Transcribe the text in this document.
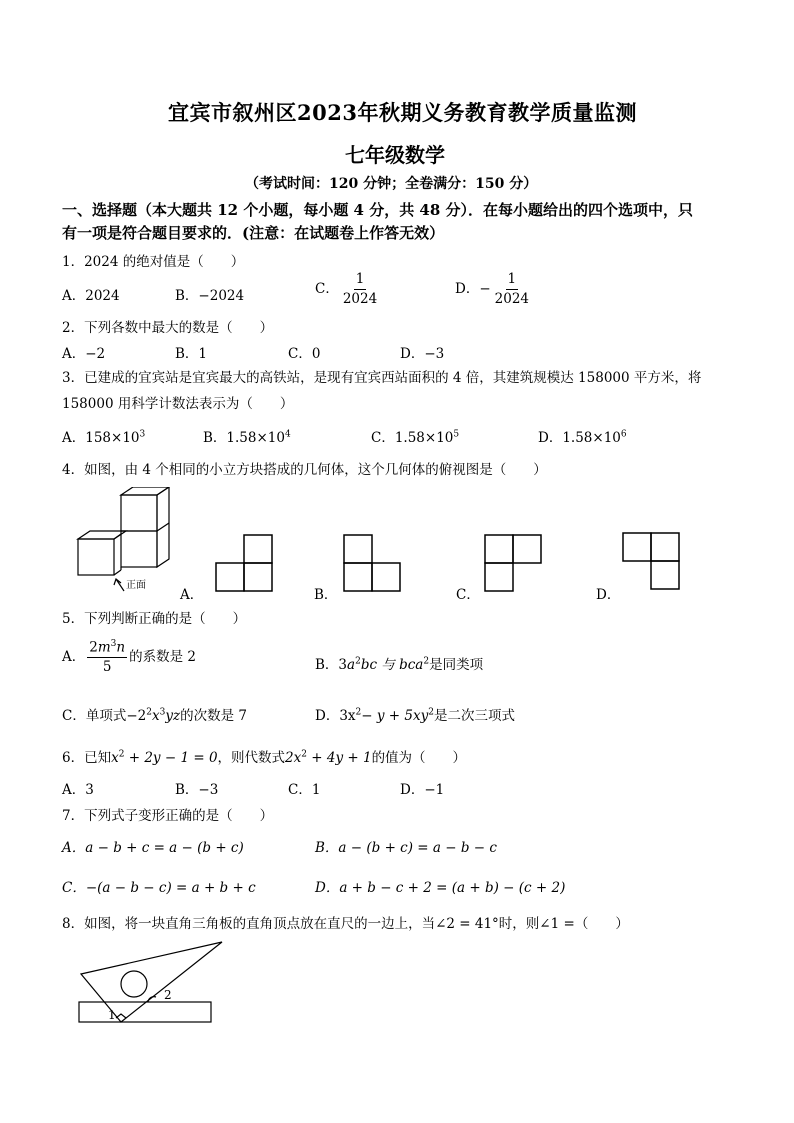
宜宾市叙州区2023年秋期义务教育教学质量监测
七年级数学
（考试时间：120 分钟；全卷满分：150 分）
一、选择题（本大题共 12 个小题，每小题 4 分，共 48 分）．在每小题给出的四个选项中，只
有一项是符合题目要求的．(注意：在试题卷上作答无效）
1．2024 的绝对值是（　　）
A．2024	B．−2024	C． $\frac{1}{2024}$	D．− $\frac{1}{2024}$
2．下列各数中最大的数是（　　）
A．−2	B．1	C．0	D．−3
3．已建成的宜宾站是宜宾最大的高铁站，是现有宜宾西站面积的 4 倍，其建筑规模达 158000 平方米，将
158000 用科学计数法表示为（　　）
A．$158\times 10^3$	B．$1.58\times 10^4$	C．$1.58\times 10^5$	D．$1.58\times 10^6$
4．如图，由 4 个相同的小立方块搭成的几何体，这个几何体的俯视图是（　　）
正面
A．	B．	C．	D．
5．下列判断正确的是（　　）
A． $\frac{2m^3n}{5}$ 的系数是 2	B．$3a^2bc$ 与 bca$^2$是同类项
C．单项式$-2^2x^3yz$的次数是 7	D．$3x^2- y + 5xy^2$是二次三项式
6．已知$x^2 + 2y - 1 = 0$，则代数式$2x^2 + 4y + 1$的值为（　　）
A．3	B．−3	C．1	D．−1
7．下列式子变形正确的是（　　）
A．a − b + c = a − (b + c)	B．a − (b + c) = a − b − c
C．−(a − b − c) = a + b + c	D．a + b − c + 2 = (a + b) − (c + 2)
8．如图，将一块直角三角板的直角顶点放在直尺的一边上，当∠2 = 41°时，则∠1 =（　　）
1
2
